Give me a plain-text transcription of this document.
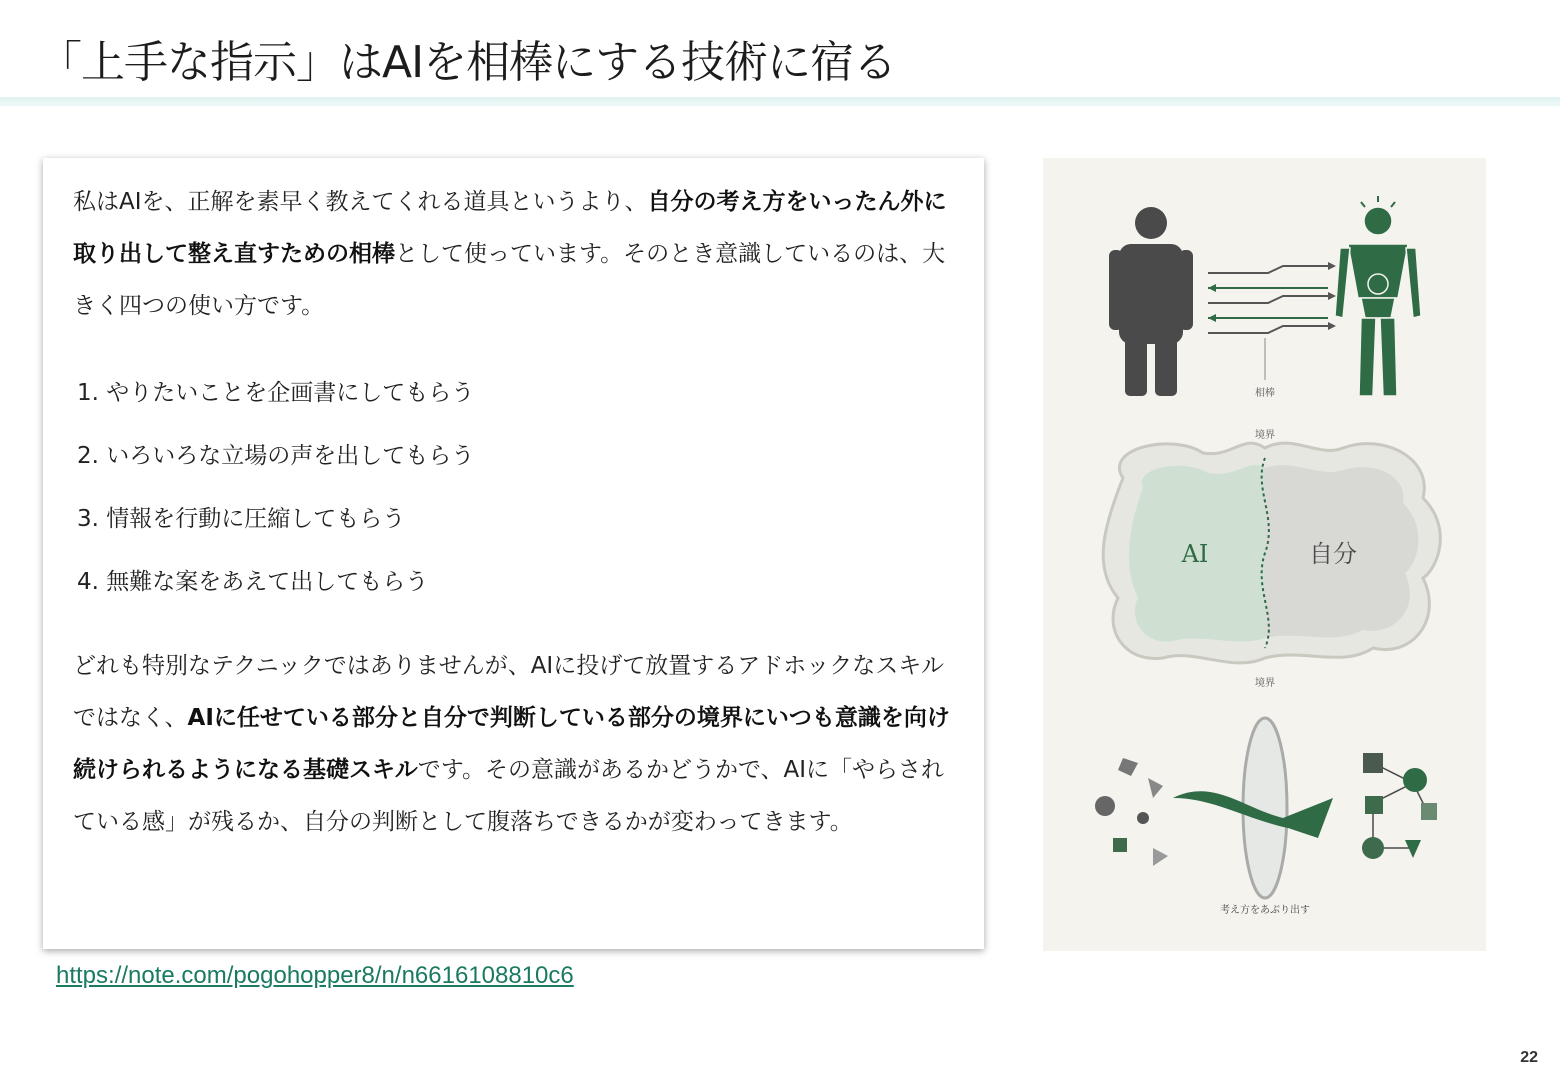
「上手な指示」はAIを相棒にする技術に宿る

私はAIを、正解を素早く教えてくれる道具というより、自分の考え方をいったん外に取り出して整え直すための相棒として使っています。そのとき意識しているのは、大きく四つの使い方です。

1. やりたいことを企画書にしてもらう
2. いろいろな立場の声を出してもらう
3. 情報を行動に圧縮してもらう
4. 無難な案をあえて出してもらう

どれも特別なテクニックではありませんが、AIに投げて放置するアドホックなスキルではなく、AIに任せている部分と自分で判断している部分の境界にいつも意識を向け続けられるようになる基礎スキルです。その意識があるかどうかで、AIに「やらされている感」が残るか、自分の判断として腹落ちできるかが変わってきます。

https://note.com/pogohopper8/n/n6616108810c6
相棒
境界
AI	自分
境界
考え方をあぶり出す
22
